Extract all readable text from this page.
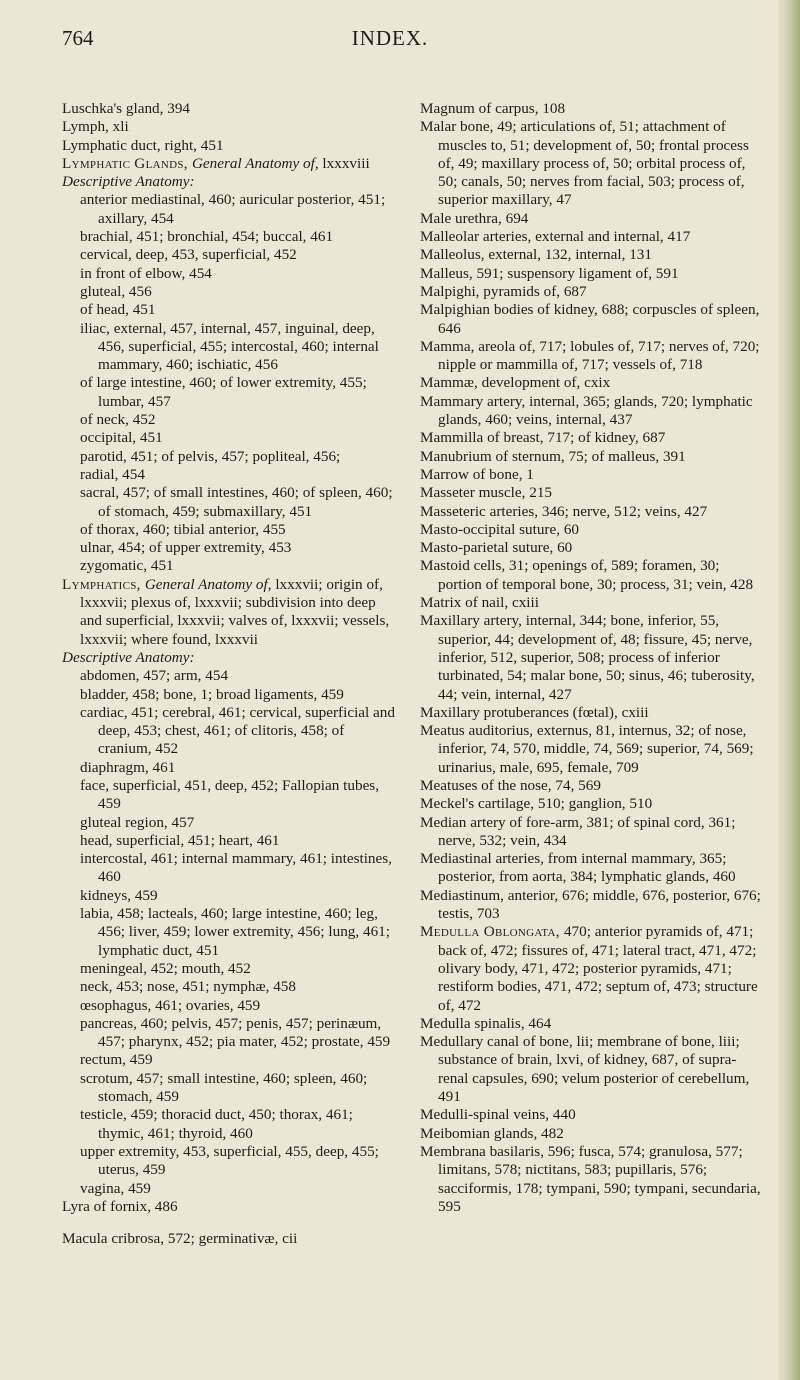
764	INDEX.
Luschka's gland, 394
Lymph, xli
Lymphatic duct, right, 451
Lymphatic Glands, General Anatomy of, lxxxviii
Descriptive Anatomy:
anterior mediastinal, 460; auricular posterior, 451; axillary, 454
brachial, 451; bronchial, 454; buccal, 461
cervical, deep, 453, superficial, 452
in front of elbow, 454
gluteal, 456
of head, 451
iliac, external, 457, internal, 457, inguinal, deep, 456, superficial, 455; intercostal, 460; internal mammary, 460; ischiatic, 456
of large intestine, 460; of lower extremity, 455; lumbar, 457
of neck, 452
occipital, 451
parotid, 451; of pelvis, 457; popliteal, 456;
radial, 454
sacral, 457; of small intestines, 460; of spleen, 460; of stomach, 459; submaxillary, 451
of thorax, 460; tibial anterior, 455
ulnar, 454; of upper extremity, 453
zygomatic, 451
Lymphatics, General Anatomy of, lxxxvii; origin of, lxxxvii; plexus of, lxxxvii; subdivision into deep and superficial, lxxxvii; valves of, lxxxvii; vessels, lxxxvii; where found, lxxxvii
Descriptive Anatomy:
abdomen, 457; arm, 454
bladder, 458; bone, 1; broad ligaments, 459
cardiac, 451; cerebral, 461; cervical, superficial and deep, 453; chest, 461; of clitoris, 458; of cranium, 452
diaphragm, 461
face, superficial, 451, deep, 452; Fallopian tubes, 459
gluteal region, 457
head, superficial, 451; heart, 461
intercostal, 461; internal mammary, 461; intestines, 460
kidneys, 459
labia, 458; lacteals, 460; large intestine, 460; leg, 456; liver, 459; lower extremity, 456; lung, 461; lymphatic duct, 451
meningeal, 452; mouth, 452
neck, 453; nose, 451; nymphæ, 458
œsophagus, 461; ovaries, 459
pancreas, 460; pelvis, 457; penis, 457; perinæum, 457; pharynx, 452; pia mater, 452; prostate, 459
rectum, 459
scrotum, 457; small intestine, 460; spleen, 460; stomach, 459
testicle, 459; thoracid duct, 450; thorax, 461; thymic, 461; thyroid, 460
upper extremity, 453, superficial, 455, deep, 455; uterus, 459
vagina, 459
Lyra of fornix, 486
Macula cribrosa, 572; germinativæ, cii
Magnum of carpus, 108
Malar bone, 49; articulations of, 51; attachment of muscles to, 51; development of, 50; frontal process of, 49; maxillary process of, 50; orbital process of, 50; canals, 50; nerves from facial, 503; process of, superior maxillary, 47
Male urethra, 694
Malleolar arteries, external and internal, 417
Malleolus, external, 132, internal, 131
Malleus, 591; suspensory ligament of, 591
Malpighi, pyramids of, 687
Malpighian bodies of kidney, 688; corpuscles of spleen, 646
Mamma, areola of, 717; lobules of, 717; nerves of, 720; nipple or mammilla of, 717; vessels of, 718
Mammæ, development of, cxix
Mammary artery, internal, 365; glands, 720; lymphatic glands, 460; veins, internal, 437
Mammilla of breast, 717; of kidney, 687
Manubrium of sternum, 75; of malleus, 391
Marrow of bone, 1
Masseter muscle, 215
Masseteric arteries, 346; nerve, 512; veins, 427
Masto-occipital suture, 60
Masto-parietal suture, 60
Mastoid cells, 31; openings of, 589; foramen, 30; portion of temporal bone, 30; process, 31; vein, 428
Matrix of nail, cxiii
Maxillary artery, internal, 344; bone, inferior, 55, superior, 44; development of, 48; fissure, 45; nerve, inferior, 512, superior, 508; process of inferior turbinated, 54; malar bone, 50; sinus, 46; tuberosity, 44; vein, internal, 427
Maxillary protuberances (fœtal), cxiii
Meatus auditorius, externus, 81, internus, 32; of nose, inferior, 74, 570, middle, 74, 569; superior, 74, 569; urinarius, male, 695, female, 709
Meatuses of the nose, 74, 569
Meckel's cartilage, 510; ganglion, 510
Median artery of fore-arm, 381; of spinal cord, 361; nerve, 532; vein, 434
Mediastinal arteries, from internal mammary, 365; posterior, from aorta, 384; lymphatic glands, 460
Mediastinum, anterior, 676; middle, 676, posterior, 676; testis, 703
Medulla Oblongata, 470; anterior pyramids of, 471; back of, 472; fissures of, 471; lateral tract, 471, 472; olivary body, 471, 472; posterior pyramids, 471; restiform bodies, 471, 472; septum of, 473; structure of, 472
Medulla spinalis, 464
Medullary canal of bone, lii; membrane of bone, liii; substance of brain, lxvi, of kidney, 687, of supra-renal capsules, 690; velum posterior of cerebellum, 491
Medulli-spinal veins, 440
Meibomian glands, 482
Membrana basilaris, 596; fusca, 574; granulosa, 577; limitans, 578; nictitans, 583; pupillaris, 576; sacciformis, 178; tympani, 590; tympani, secundaria, 595
